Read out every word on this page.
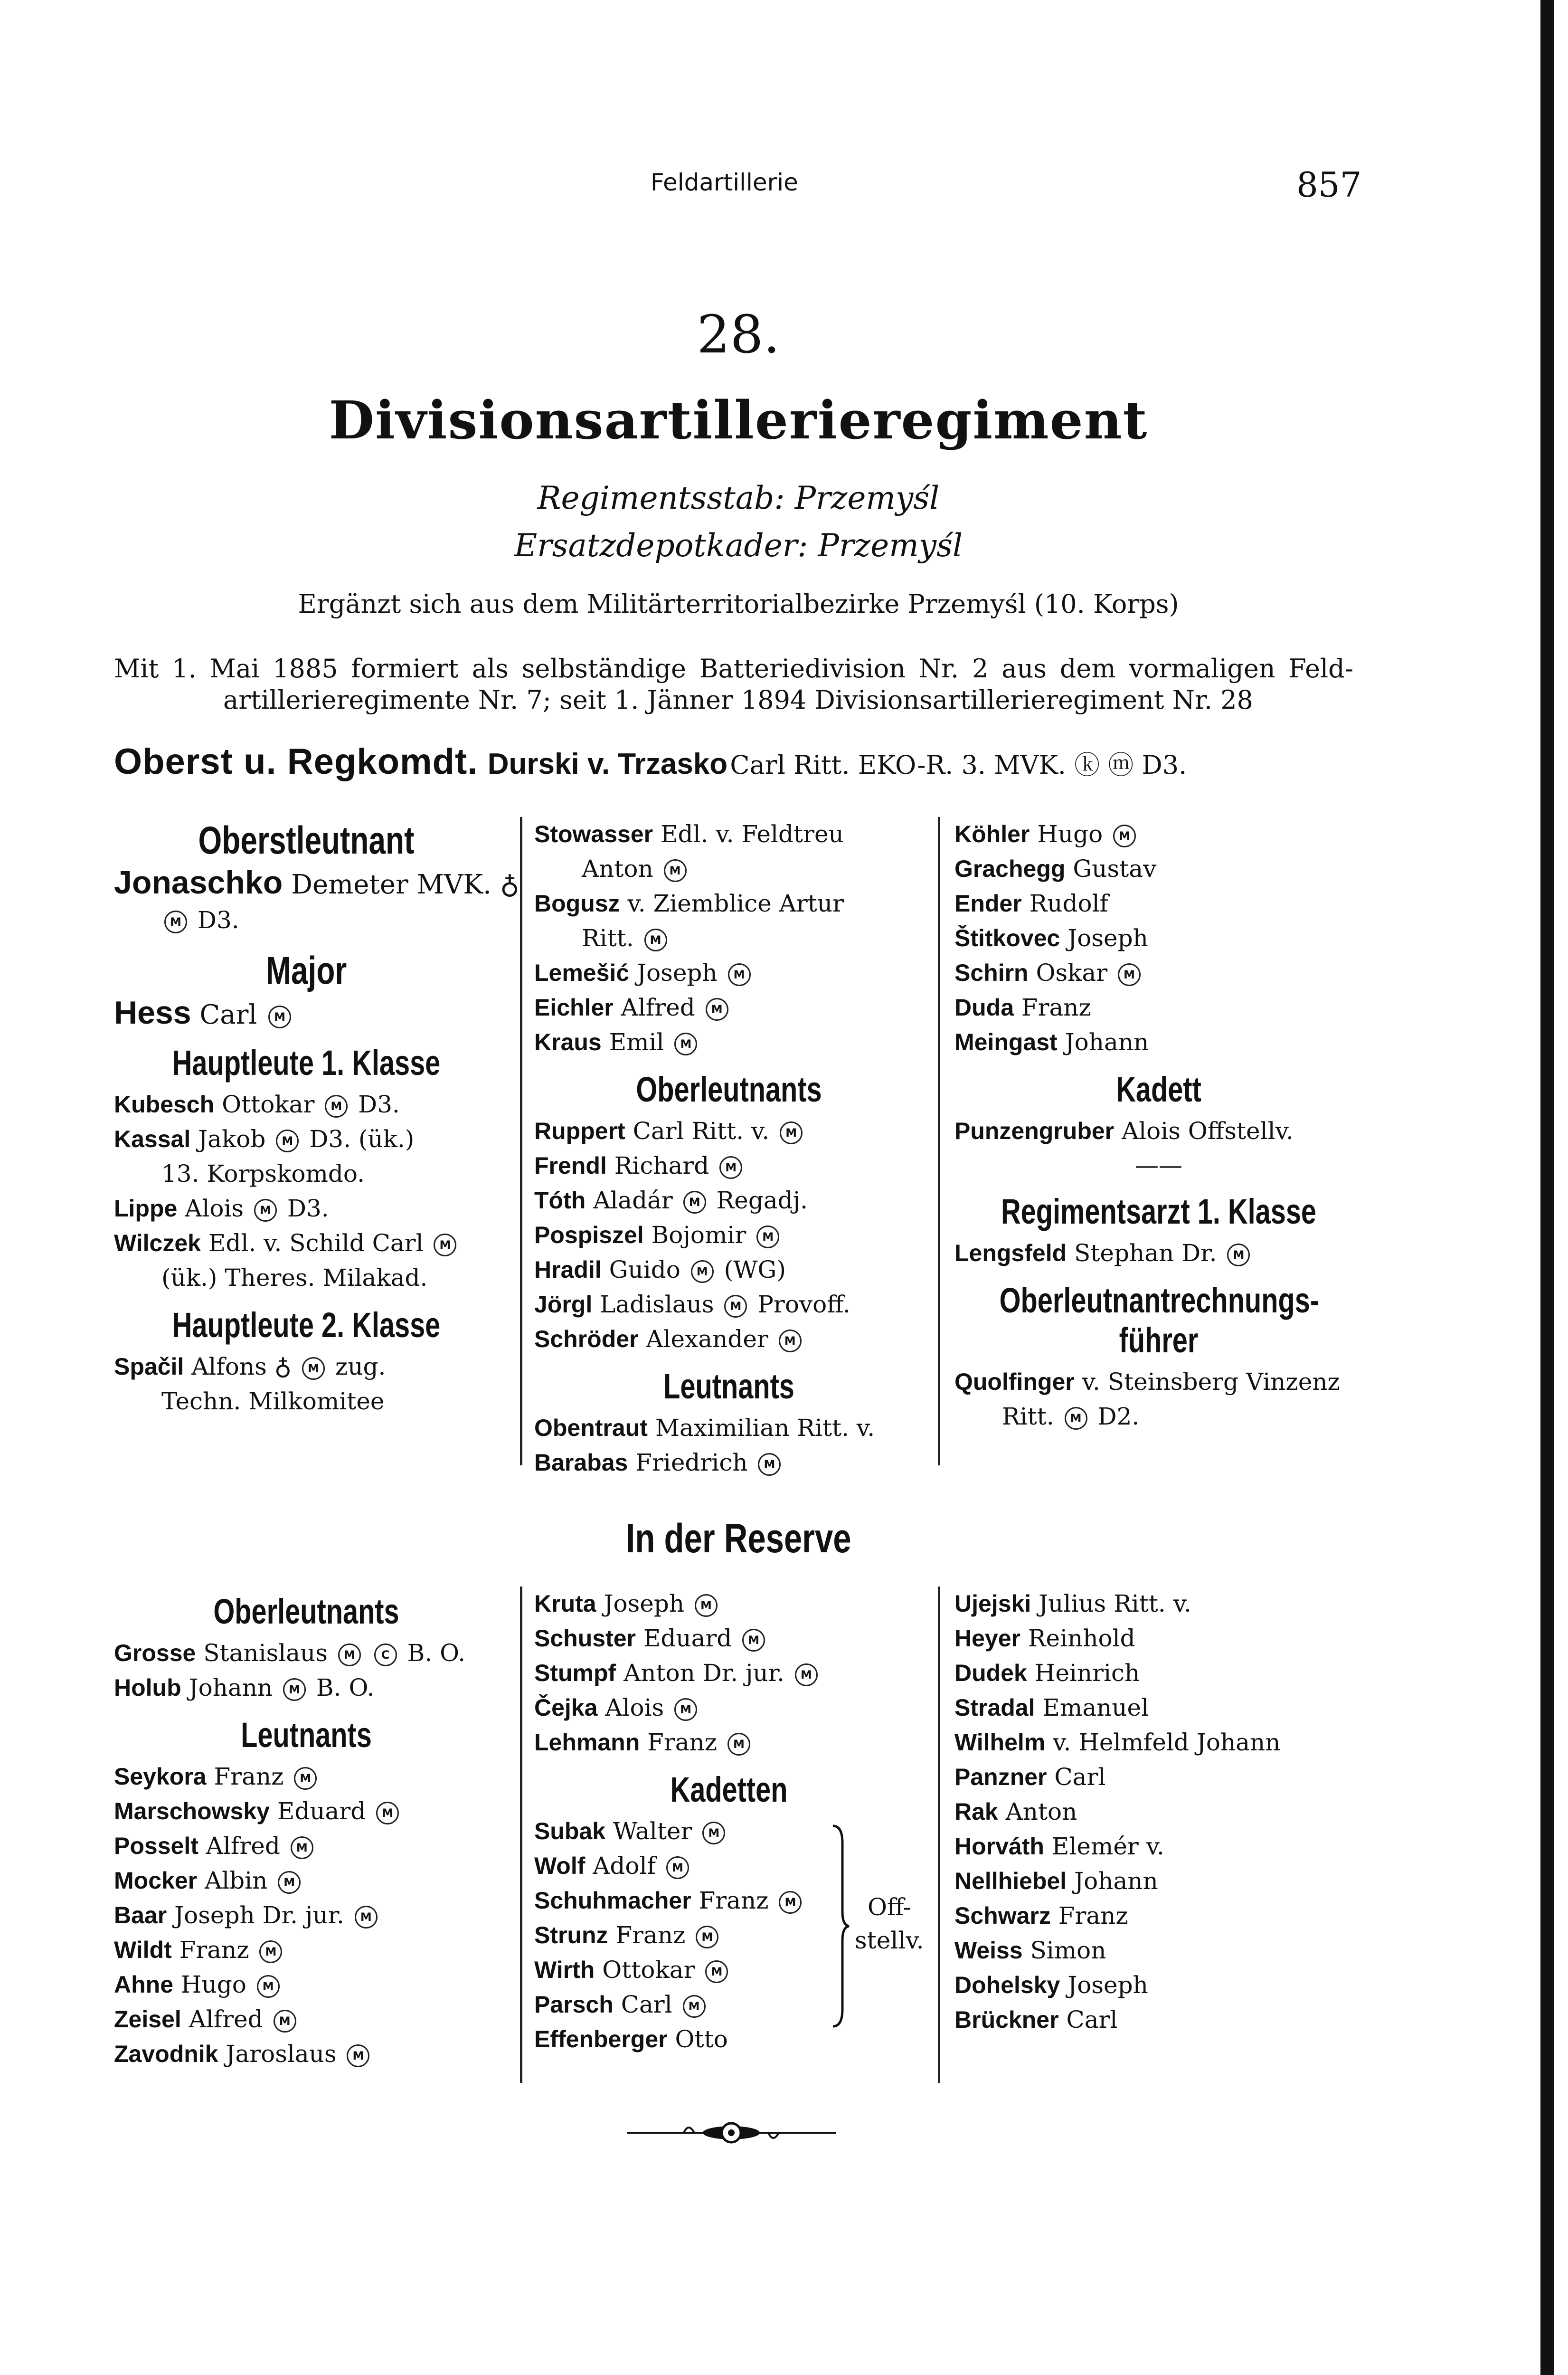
Feldartillerie	857
28.
Divisionsartillerieregiment
Regimentsstab: Przemyśl
Ersatzdepotkader: Przemyśl
Ergänzt sich aus dem Militärterritorialbezirke Przemyśl (10. Korps)
Mit 1. Mai 1885 formiert als selbständige Batteriedivision Nr. 2 aus dem vormaligen Feld-
artillerieregimente Nr. 7; seit 1. Jänner 1894 Divisionsartillerieregiment Nr. 28
Oberst u. Regkomdt. Durski v. Trzasko Carl Ritt. EKO-R. 3. MVK. ⓚ ⓜ D3.
Oberstleutnant
Jonaschko Demeter MVK. ♁
M D3.
Major
Hess Carl M
Hauptleute 1. Klasse
Kubesch Ottokar M D3.
Kassal Jakob M D3. (ük.)
13. Korpskomdo.
Lippe Alois M D3.
Wilczek Edl. v. Schild Carl M
(ük.) Theres. Milakad.
Hauptleute 2. Klasse
Spačil Alfons ♁ M zug.
Techn. Milkomitee
Stowasser Edl. v. Feldtreu
Anton M
Bogusz v. Ziemblice Artur
Ritt. M
Lemešić Joseph M
Eichler Alfred M
Kraus Emil M
Oberleutnants
Ruppert Carl Ritt. v. M
Frendl Richard M
Tóth Aladár M Regadj.
Pospiszel Bojomir M
Hradil Guido M (WG)
Jörgl Ladislaus M Provoff.
Schröder Alexander M
Leutnants
Obentraut Maximilian Ritt. v.
Barabas Friedrich M
Köhler Hugo M
Grachegg Gustav
Ender Rudolf
Štitkovec Joseph
Schirn Oskar M
Duda Franz
Meingast Johann
Kadett
Punzengruber Alois Offstellv.
——
Regimentsarzt 1. Klasse
Lengsfeld Stephan Dr. M
Oberleutnantrechnungs-
führer
Quolfinger v. Steinsberg Vinzenz
Ritt. M D2.
In der Reserve
Oberleutnants
Grosse Stanislaus M C B. O.
Holub Johann M B. O.
Leutnants
Seykora Franz M
Marschowsky Eduard M
Posselt Alfred M
Mocker Albin M
Baar Joseph Dr. jur. M
Wildt Franz M
Ahne Hugo M
Zeisel Alfred M
Zavodnik Jaroslaus M
Kruta Joseph M
Schuster Eduard M
Stumpf Anton Dr. jur. M
Čejka Alois M
Lehmann Franz M
Kadetten
Subak Walter M
Wolf Adolf M
Schuhmacher Franz M
Strunz Franz M
Wirth Ottokar M
Parsch Carl M
Effenberger Otto
Ujejski Julius Ritt. v.
Heyer Reinhold
Dudek Heinrich
Stradal Emanuel
Wilhelm v. Helmfeld Johann
Panzner Carl
Rak Anton
Horváth Elemér v.
Nellhiebel Johann
Schwarz Franz
Weiss Simon
Dohelsky Joseph
Brückner Carl
Off-
stellv.
